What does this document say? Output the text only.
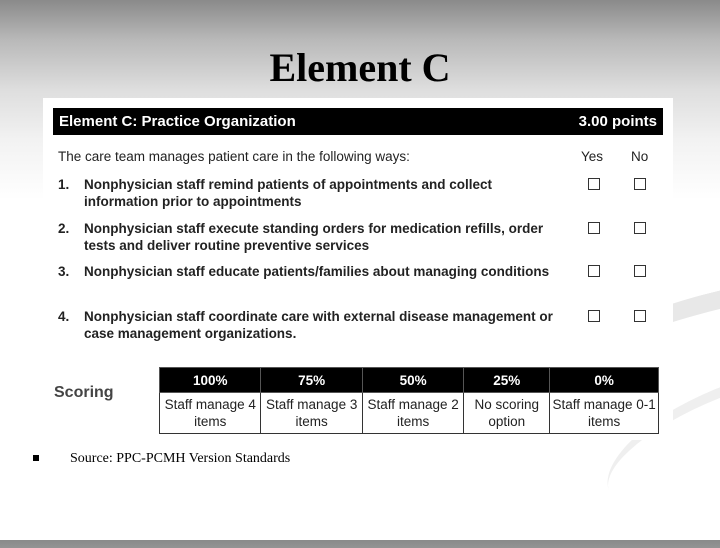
Element C
Element C: Practice Organization	3.00 points
The care team manages patient care in the following ways:	Yes No
1. Nonphysician staff remind patients of appointments and collect information prior to appointments
2. Nonphysician staff execute standing orders for medication refills, order tests and deliver routine preventive services
3. Nonphysician staff educate patients/families about managing conditions
4. Nonphysician staff coordinate care with external disease management or case management organizations.
Scoring
100%	75%	50%	25%	0%
Staff manage 4 items	Staff manage 3 items	Staff manage 2 items	No scoring option	Staff manage 0-1 items
Source: PPC-PCMH Version Standards
